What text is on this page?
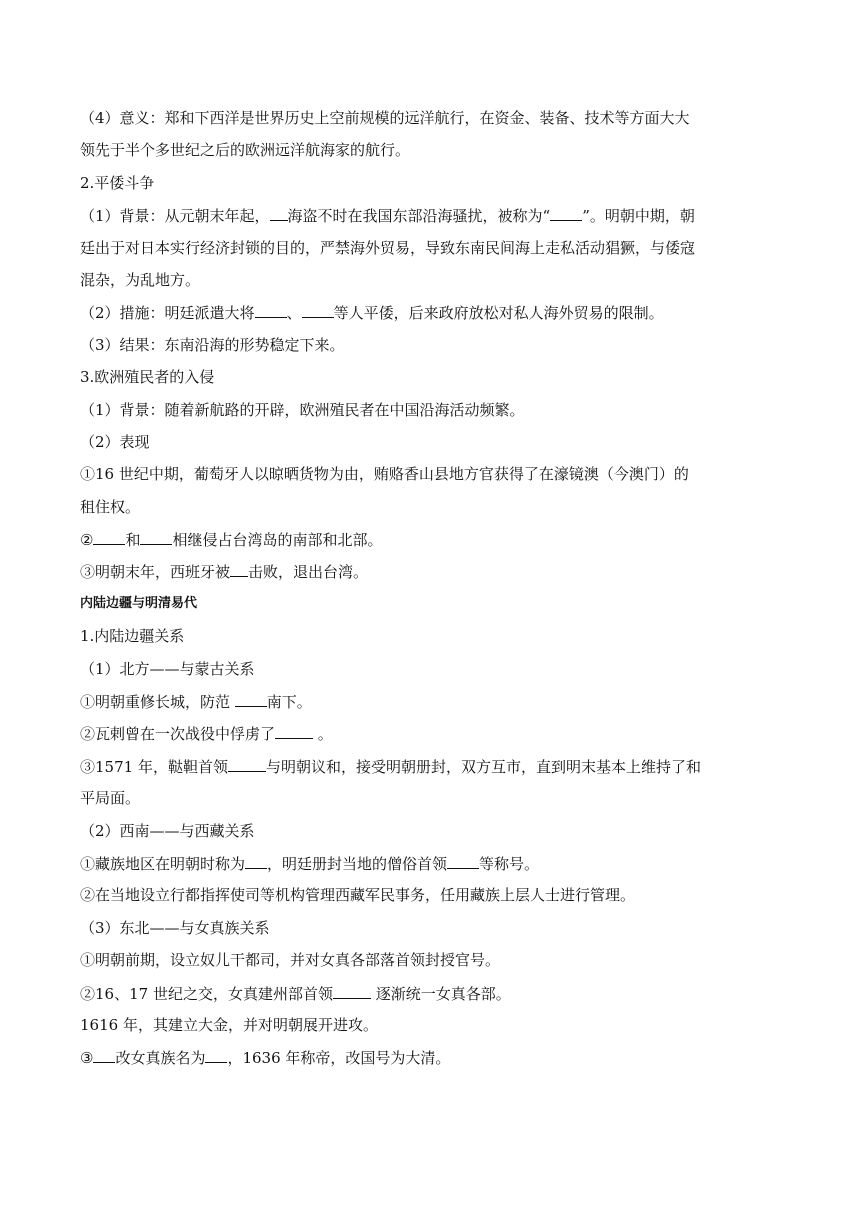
（4）意义：郑和下西洋是世界历史上空前规模的远洋航行，在资金、装备、技术等方面大大
领先于半个多世纪之后的欧洲远洋航海家的航行。
2.平倭斗争
（1）背景：从元朝末年起， 海盗不时在我国东部沿海骚扰，被称为“ ”。明朝中期，朝
廷出于对日本实行经济封锁的目的，严禁海外贸易，导致东南民间海上走私活动猖獗，与倭寇
混杂，为乱地方。
（2）措施：明廷派遣大将 、 等人平倭，后来政府放松对私人海外贸易的限制。
（3）结果：东南沿海的形势稳定下来。
3.欧洲殖民者的入侵
（1）背景：随着新航路的开辟，欧洲殖民者在中国沿海活动频繁。
（2）表现
①16 世纪中期，葡萄牙人以晾晒货物为由，贿赂香山县地方官获得了在濠镜澳（今澳门）的
租住权。
② 和 相继侵占台湾岛的南部和北部。
③明朝末年，西班牙被 击败，退出台湾。
内陆边疆与明清易代
1.内陆边疆关系
（1）北方——与蒙古关系
①明朝重修长城，防范 南下。
②瓦剌曾在一次战役中俘虏了	。
③1571 年，鞑靼首领	与明朝议和，接受明朝册封，双方互市，直到明末基本上维持了和
平局面。
（2）西南——与西藏关系
①藏族地区在明朝时称为 ，明廷册封当地的僧俗首领 等称号。
②在当地设立行都指挥使司等机构管理西藏军民事务，任用藏族上层人士进行管理。
（3）东北——与女真族关系
①明朝前期，设立奴儿干都司，并对女真各部落首领封授官号。
②16、17 世纪之交，女真建州部首领	逐渐统一女真各部。
1616 年，其建立大金，并对明朝展开进攻。
③ 改女真族名为 ，1636 年称帝，改国号为大清。
